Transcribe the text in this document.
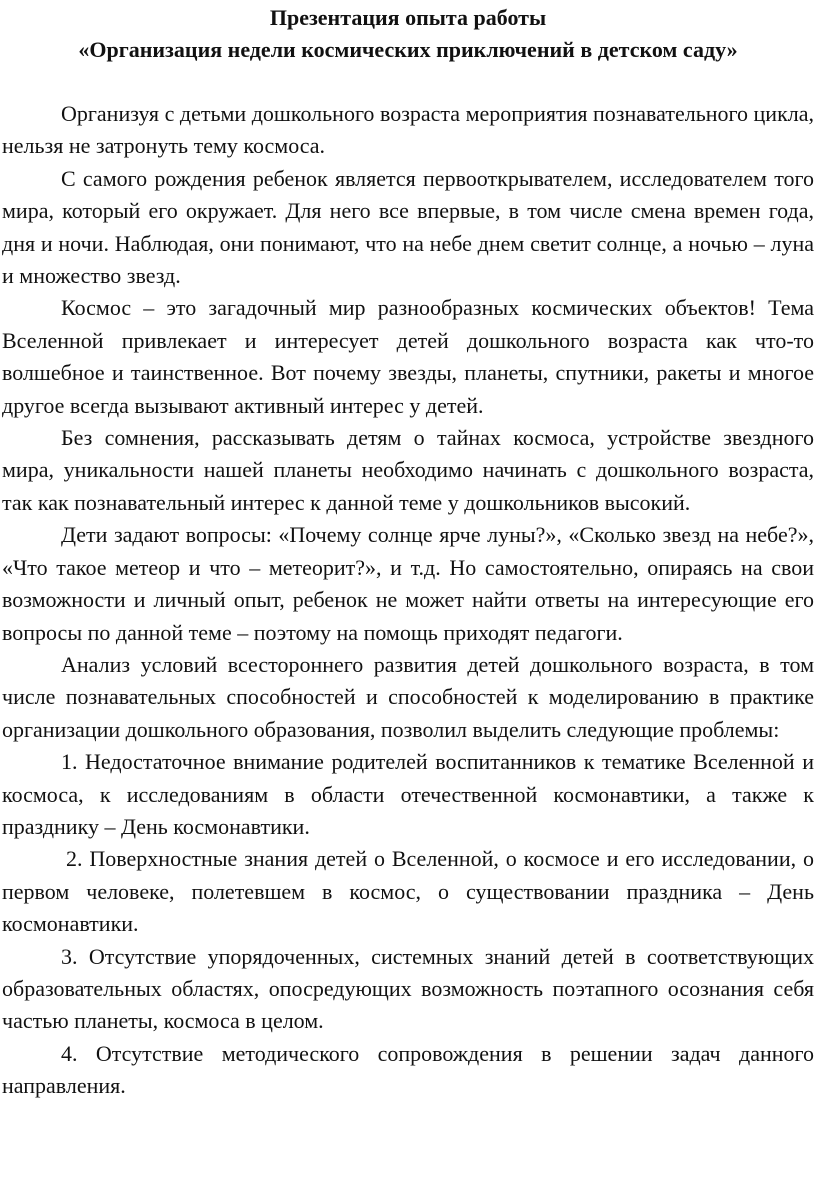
Презентация опыта работы

«Организация недели космических приключений в детском саду»

Организуя с детьми дошкольного возраста мероприятия познавательного цикла, нельзя не затронуть тему космоса.

С самого рождения ребенок является первооткрывателем, исследователем того мира, который его окружает. Для него все впервые, в том числе смена времен года, дня и ночи. Наблюдая, они понимают, что на небе днем светит солнце, а ночью – луна и множество звезд.

Космос – это загадочный мир разнообразных космических объектов! Тема Вселенной привлекает и интересует детей дошкольного возраста как что-то волшебное и таинственное. Вот почему звезды, планеты, спутники, ракеты и многое другое всегда вызывают активный интерес у детей.

Без сомнения, рассказывать детям о тайнах космоса, устройстве звездного мира, уникальности нашей планеты необходимо начинать с дошкольного возраста, так как познавательный интерес к данной теме у дошкольников высокий.

Дети задают вопросы: «Почему солнце ярче луны?», «Сколько звезд на небе?», «Что такое метеор и что – метеорит?», и т.д. Но самостоятельно, опираясь на свои возможности и личный опыт, ребенок не может найти ответы на интересующие его вопросы по данной теме – поэтому на помощь приходят педагоги.

Анализ условий всестороннего развития детей дошкольного возраста, в том числе познавательных способностей и способностей к моделированию в практике организации дошкольного образования, позволил выделить следующие проблемы:

1. Недостаточное внимание родителей воспитанников к тематике Вселенной и космоса, к исследованиям в области отечественной космонавтики, а также к празднику – День космонавтики.

2. Поверхностные знания детей о Вселенной, о космосе и его исследовании, о первом человеке, полетевшем в космос, о существовании праздника – День космонавтики.

3. Отсутствие упорядоченных, системных знаний детей в соответствующих образовательных областях, опосредующих возможность поэтапного осознания себя частью планеты, космоса в целом.

4. Отсутствие методического сопровождения в решении задач данного направления.
